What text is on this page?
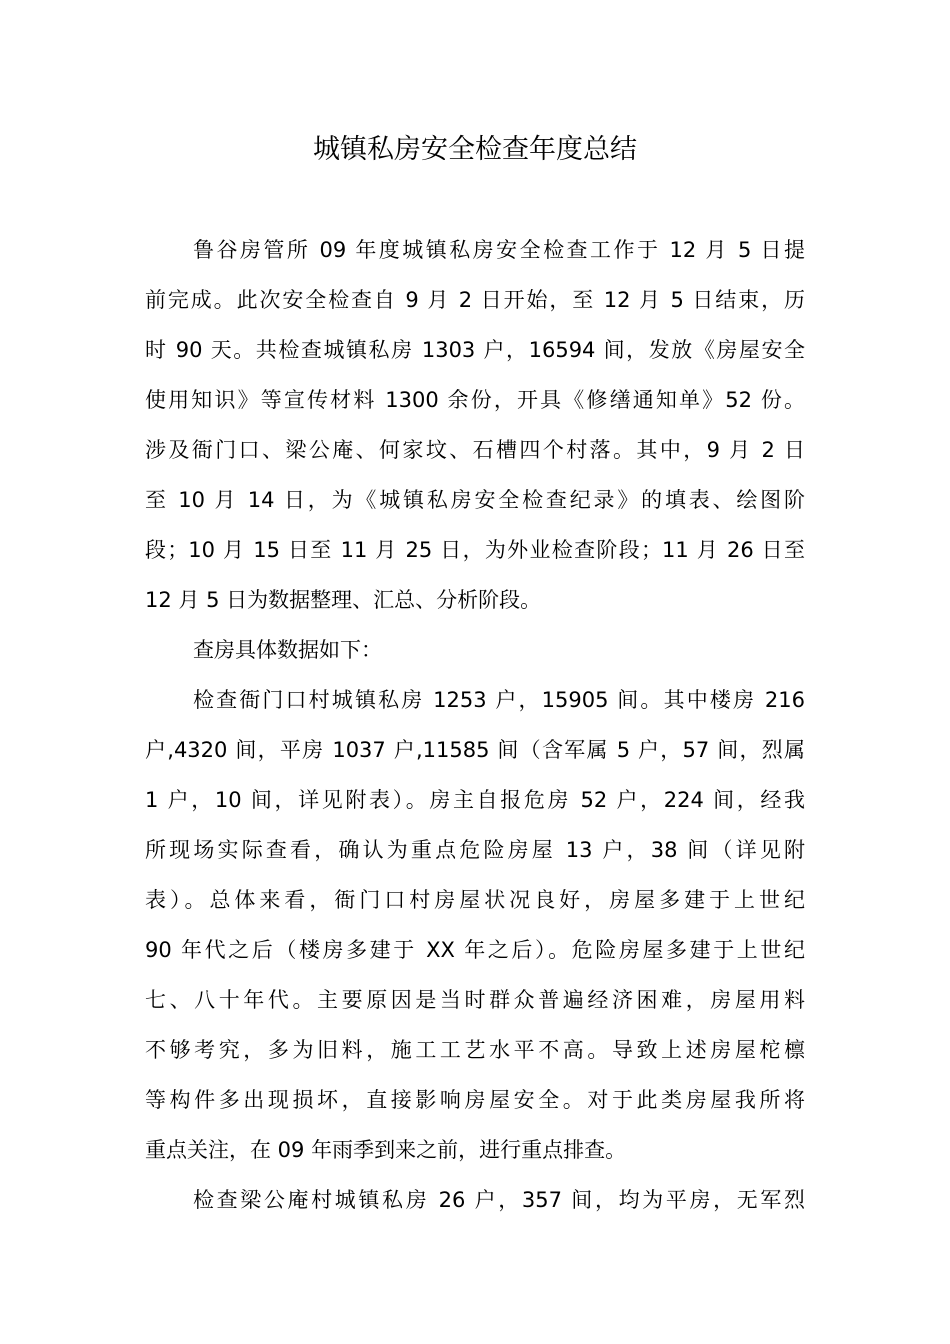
城镇私房安全检查年度总结
鲁谷房管所 09 年度城镇私房安全检查工作于 12 月 5 日提
前完成。此次安全检查自 9 月 2 日开始，至 12 月 5 日结束，历
时 90 天。共检查城镇私房 1303 户，16594 间，发放《房屋安全
使用知识》等宣传材料 1300 余份，开具《修缮通知单》52 份。
涉及衙门口、梁公庵、何家坟、石槽四个村落。其中，9 月 2 日
至 10 月 14 日，为《城镇私房安全检查纪录》的填表、绘图阶
段；10 月 15 日至 11 月 25 日，为外业检查阶段；11 月 26 日至
12 月 5 日为数据整理、汇总、分析阶段。
查房具体数据如下：
检查衙门口村城镇私房 1253 户，15905 间。其中楼房 216
户,4320 间，平房 1037 户,11585 间（含军属 5 户，57 间，烈属
1 户，10 间，详见附表）。房主自报危房 52 户，224 间，经我
所现场实际查看，确认为重点危险房屋 13 户，38 间（详见附
表）。总体来看，衙门口村房屋状况良好，房屋多建于上世纪
90 年代之后（楼房多建于 XX 年之后）。危险房屋多建于上世纪
七、八十年代。主要原因是当时群众普遍经济困难，房屋用料
不够考究，多为旧料，施工工艺水平不高。导致上述房屋柁檩
等构件多出现损坏，直接影响房屋安全。对于此类房屋我所将
重点关注，在 09 年雨季到来之前，进行重点排查。
检查梁公庵村城镇私房 26 户，357 间，均为平房，无军烈
